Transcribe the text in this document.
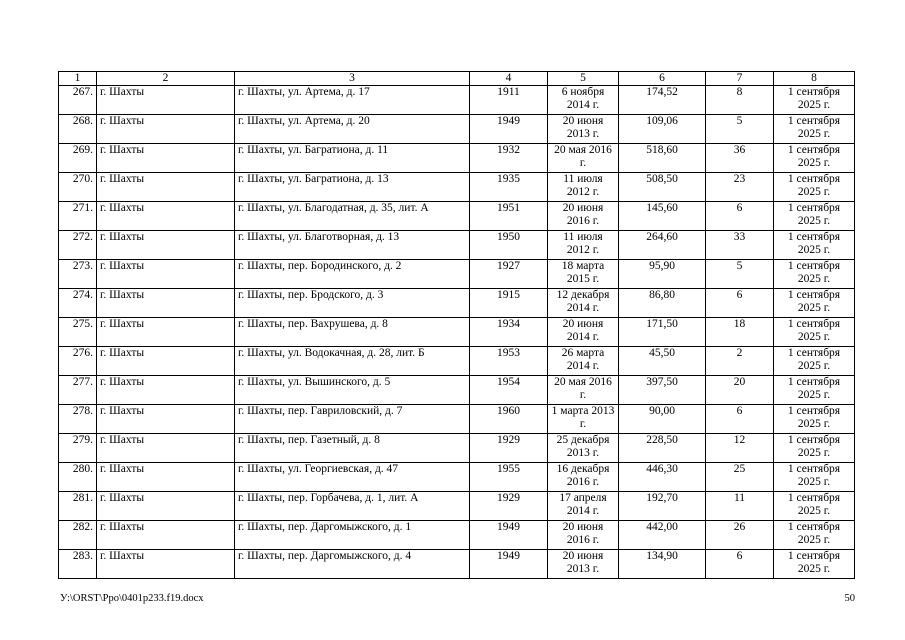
1	2	3	4	5	6	7	8
267.	г. Шахты	г. Шахты, ул. Артема, д. 17	1911	6 ноября 2014 г.	174,52	8	1 сентября 2025 г.
268.	г. Шахты	г. Шахты, ул. Артема, д. 20	1949	20 июня 2013 г.	109,06	5	1 сентября 2025 г.
269.	г. Шахты	г. Шахты, ул. Багратиона, д. 11	1932	20 мая 2016 г.	518,60	36	1 сентября 2025 г.
270.	г. Шахты	г. Шахты, ул. Багратиона, д. 13	1935	11 июля 2012 г.	508,50	23	1 сентября 2025 г.
271.	г. Шахты	г. Шахты, ул. Благодатная, д. 35, лит. А	1951	20 июня 2016 г.	145,60	6	1 сентября 2025 г.
272.	г. Шахты	г. Шахты, ул. Благотворная, д. 13	1950	11 июля 2012 г.	264,60	33	1 сентября 2025 г.
273.	г. Шахты	г. Шахты, пер. Бородинского, д. 2	1927	18 марта 2015 г.	95,90	5	1 сентября 2025 г.
274.	г. Шахты	г. Шахты, пер. Бродского, д. 3	1915	12 декабря 2014 г.	86,80	6	1 сентября 2025 г.
275.	г. Шахты	г. Шахты, пер. Вахрушева, д. 8	1934	20 июня 2014 г.	171,50	18	1 сентября 2025 г.
276.	г. Шахты	г. Шахты, ул. Водокачная, д. 28, лит. Б	1953	26 марта 2014 г.	45,50	2	1 сентября 2025 г.
277.	г. Шахты	г. Шахты, ул. Вышинского, д. 5	1954	20 мая 2016 г.	397,50	20	1 сентября 2025 г.
278.	г. Шахты	г. Шахты, пер. Гавриловский, д. 7	1960	1 марта 2013 г.	90,00	6	1 сентября 2025 г.
279.	г. Шахты	г. Шахты, пер. Газетный, д. 8	1929	25 декабря 2013 г.	228,50	12	1 сентября 2025 г.
280.	г. Шахты	г. Шахты, ул. Георгиевская, д. 47	1955	16 декабря 2016 г.	446,30	25	1 сентября 2025 г.
281.	г. Шахты	г. Шахты, пер. Горбачева, д. 1, лит. А	1929	17 апреля 2014 г.	192,70	11	1 сентября 2025 г.
282.	г. Шахты	г. Шахты, пер. Даргомыжского, д. 1	1949	20 июня 2016 г.	442,00	26	1 сентября 2025 г.
283.	г. Шахты	г. Шахты, пер. Даргомыжского, д. 4	1949	20 июня 2013 г.	134,90	6	1 сентября 2025 г.
У:\ORST\Ppo\0401p233.f19.docx	50
